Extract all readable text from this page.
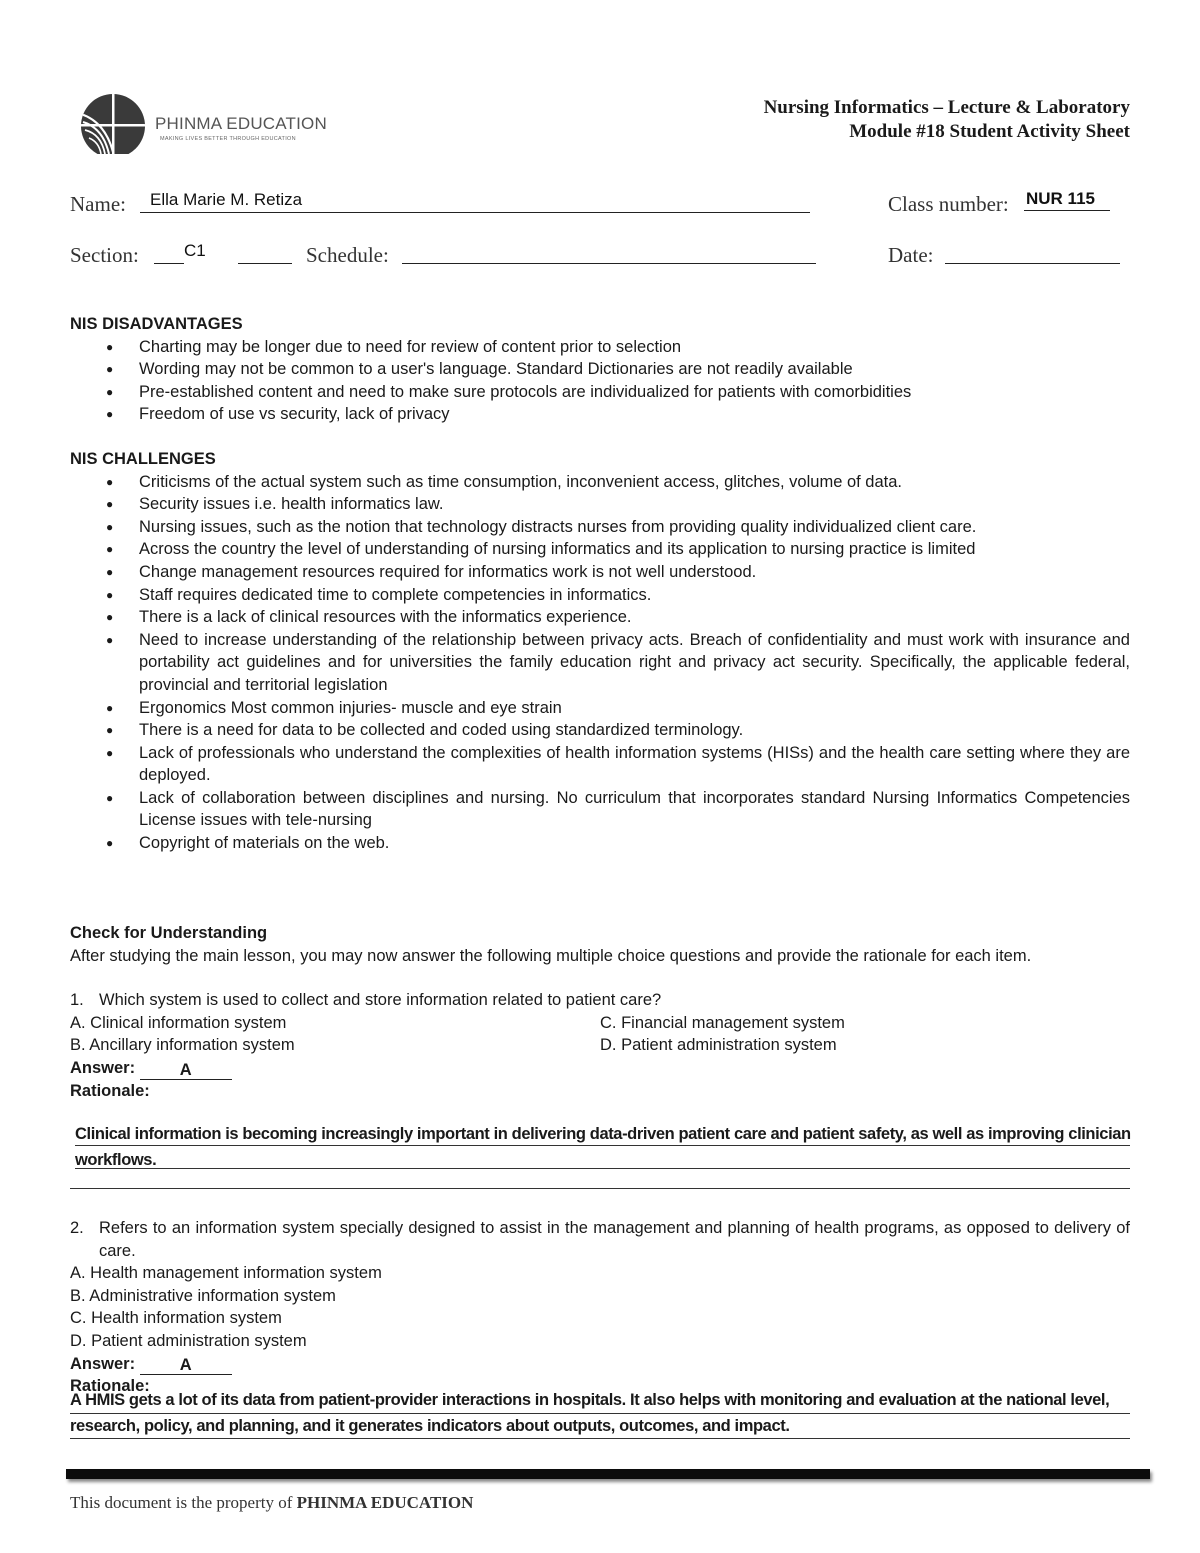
PHINMA EDUCATION
MAKING LIVES BETTER THROUGH EDUCATION
Nursing Informatics – Lecture & Laboratory
Module #18 Student Activity Sheet
Name: Ella Marie M. Retiza	Class number: NUR 115
Section:	C1	Schedule:	Date:
NIS DISADVANTAGES
● Charting may be longer due to need for review of content prior to selection
● Wording may not be common to a user's language. Standard Dictionaries are not readily available
● Pre-established content and need to make sure protocols are individualized for patients with comorbidities
● Freedom of use vs security, lack of privacy
NIS CHALLENGES
● Criticisms of the actual system such as time consumption, inconvenient access, glitches, volume of data.
● Security issues i.e. health informatics law.
● Nursing issues, such as the notion that technology distracts nurses from providing quality individualized client care.
● Across the country the level of understanding of nursing informatics and its application to nursing practice is limited
● Change management resources required for informatics work is not well understood.
● Staff requires dedicated time to complete competencies in informatics.
● There is a lack of clinical resources with the informatics experience.
● Need to increase understanding of the relationship between privacy acts. Breach of confidentiality and must work with insurance and portability act guidelines and for universities the family education right and privacy act security. Specifically, the applicable federal, provincial and territorial legislation
● Ergonomics Most common injuries- muscle and eye strain
● There is a need for data to be collected and coded using standardized terminology.
● Lack of professionals who understand the complexities of health information systems (HISs) and the health care setting where they are deployed.
● Lack of collaboration between disciplines and nursing. No curriculum that incorporates standard Nursing Informatics Competencies License issues with tele-nursing
● Copyright of materials on the web.
Check for Understanding
After studying the main lesson, you may now answer the following multiple choice questions and provide the rationale for each item.
1. Which system is used to collect and store information related to patient care?
A. Clinical information system	C. Financial management system
B. Ancillary information system	D. Patient administration system
Answer:	A
Rationale:
Clinical information is becoming increasingly important in delivering data-driven patient care and patient safety, as well as improving clinician workflows.
2. Refers to an information system specially designed to assist in the management and planning of health programs, as opposed to delivery of care.
A. Health management information system
B. Administrative information system
C. Health information system
D. Patient administration system
Answer:	A
Rationale:
A HMIS gets a lot of its data from patient-provider interactions in hospitals. It also helps with monitoring and evaluation at the national level, research, policy, and planning, and it generates indicators about outputs, outcomes, and impact.
This document is the property of PHINMA EDUCATION
